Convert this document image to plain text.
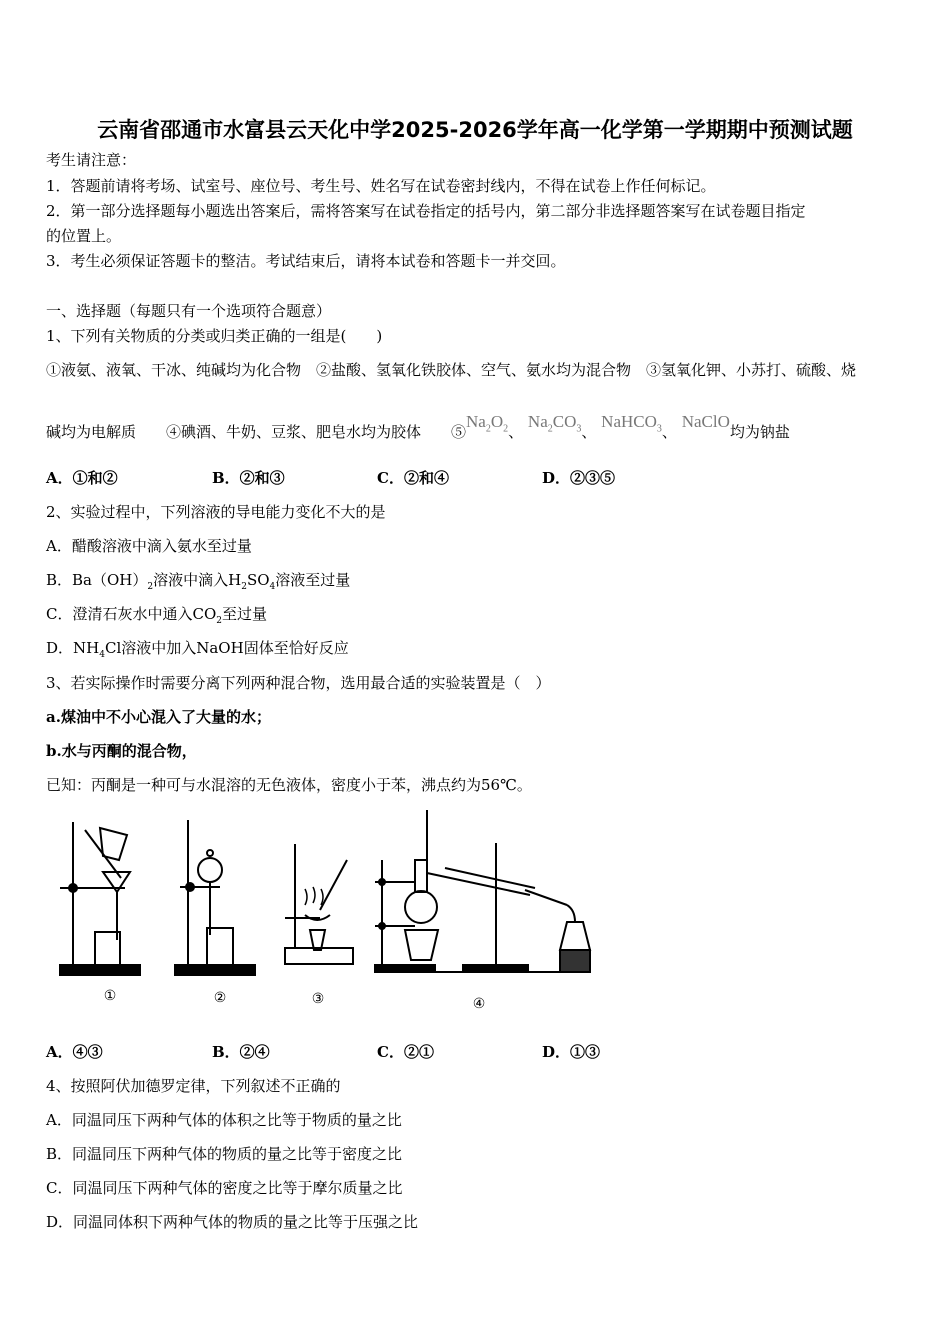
云南省邵通市水富县云天化中学2025-2026学年高一化学第一学期期中预测试题
考生请注意：
1．答题前请将考场、试室号、座位号、考生号、姓名写在试卷密封线内，不得在试卷上作任何标记。
2．第一部分选择题每小题选出答案后，需将答案写在试卷指定的括号内，第二部分非选择题答案写在试卷题目指定
的位置上。
3．考生必须保证答题卡的整洁。考试结束后，请将本试卷和答题卡一并交回。
一、选择题（每题只有一个选项符合题意）
1、下列有关物质的分类或归类正确的一组是(　　)
①液氨、液氧、干冰、纯碱均为化合物　②盐酸、氢氧化铁胶体、空气、氨水均为混合物　③氢氧化钾、小苏打、硫酸、烧
碱均为电解质　　④碘酒、牛奶、豆浆、肥皂水均为胶体　　$⑤Na_2O_2$、 $Na_2CO_3$、 NaHCO$_3$、 NaClO均为钠盐
A．①和②	B．②和③	C．②和④	D．②③⑤
2、实验过程中，下列溶液的导电能力变化不大的是
A．醋酸溶液中滴入氨水至过量
B．$Ba(OH)_2$溶液中滴入$H_2SO_4$溶液至过量
C．澄清石灰水中通入$CO_2$至过量
D．$NH_4Cl$溶液中加入NaOH固体至恰好反应
3、若实际操作时需要分离下列两种混合物，选用最合适的实验装置是（　）
a.煤油中不小心混入了大量的水；
b.水与丙酮的混合物，
已知：丙酮是一种可与水混溶的无色液体，密度小于苯，沸点约为56℃。
①	②	③	④
A．④③	B．②④	C．②①	D．①③
4、按照阿伏加德罗定律，下列叙述不正确的
A．同温同压下两种气体的体积之比等于物质的量之比
B．同温同压下两种气体的物质的量之比等于密度之比
C．同温同压下两种气体的密度之比等于摩尔质量之比
D．同温同体积下两种气体的物质的量之比等于压强之比
